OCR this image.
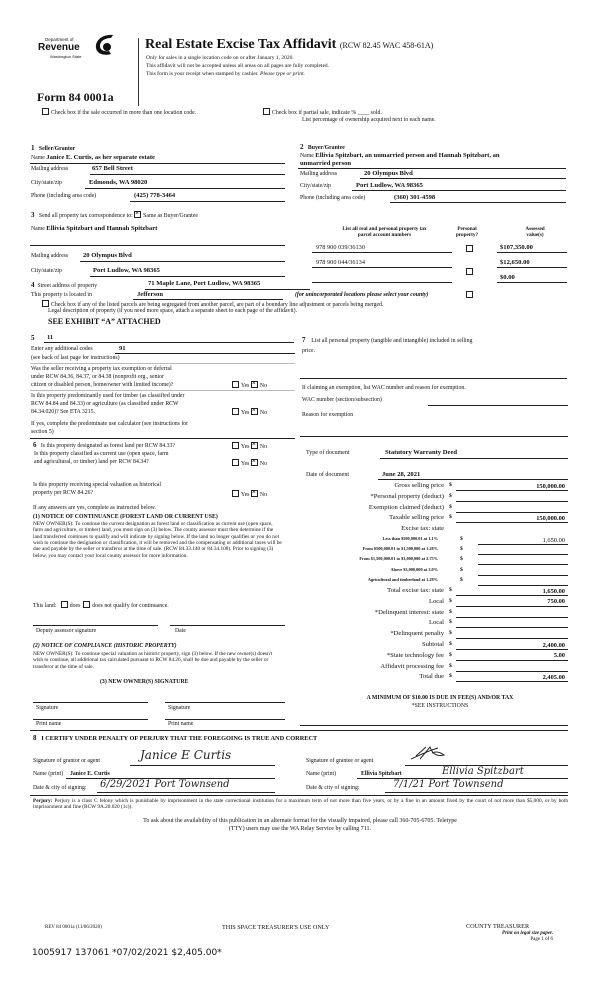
Department of
Revenue
Washington State
Real Estate Excise Tax Affidavit (RCW 82.45 WAC 458-61A)
Only for sales in a single location code on or after January 1, 2020.
This affidavit will not be accepted unless all areas on all pages are fully completed.
This form is your receipt when stamped by cashier. Please type or print.
Form 84 0001a
Check box if the sale occurred in more than one location code.	Check box if partial sale, indicate % ____ sold.
List percentage of ownership acquired next to each name.
1 Seller/Grantor
Name Janice E. Curtis, as her separate estate
Mailing address	657 Bell Street
City/state/zip	Edmonds, WA 98020
Phone (including area code)	(425) 778-3464
2 Buyer/Grantee
Name Ellivia Spitzbart, an unmarried person and Hannah Spitzbart, an
unmarried person
Mailing address	20 Olympus Blvd
City/state/zip	Port Ludlow, WA 98365
Phone (including area code)	(360) 301-4598
3 Send all property tax correspondence to: × Same as Buyer/Grantee
Name Ellivia Spitzbart and Hannah Spitzbart
Mailing address 20 Olympus Blvd
City/state/zip	Port Ludlow, WA 98365
List all real and personal property tax
parcel account numbers
Personal
property?
Assessed
value(s)
978 900 039/36130	$107,350.00
978 900 044/36134	$12,650.00
$0.00
4 Street address of property	71 Maple Lane, Port Ludlow, WA 98365
This property is located in	Jefferson	(for unincorporated locations please select your county)
Check box if any of the listed parcels are being segregated from another parcel, are part of a boundary line adjustment or parcels being merged.
Legal description of property (if you need more space, attach a separate sheet to each page of the affidavit).
SEE EXHIBIT “A” ATTACHED
5 11
Enter any additional codes	91
(see back of last page for instructions)
Was the seller receiving a property tax exemption or deferral
under RCW 84.36, 84.37, or 84.38 (nonprofit org., senior
citizen or disabled person, homeowner with limited income)?	Yes × No
Is this property predominantly used for timber (as classified under
RCW 84.84 and 84.33) or agriculture (as classified under RCW
84.34.020)? See ETA 3215.	Yes × No
If yes, complete the predominate use calculator (see instructions for
section 5)
6 Is this property designated as forest land per RCW 84.33?	Yes × No
Is this property classified as current use (open space, farm
and agricultural, or timber) land per RCW 84.34?	Yes × No
Is this property receiving special valuation as historical
property per RCW 84.26?	Yes × No
If any answers are yes, complete as instructed below.
(1) NOTICE OF CONTINUANCE (FOREST LAND OR CURRENT USE)
NEW OWNER(S): To continue the current designation as forest land or classification as current use (open space, farm and agriculture, or timber) land, you must sign on (3) below. The county assessor must then determine if the land transferred continues to qualify and will indicate by signing below. If the land no longer qualifies or you do not wish to continue the designation or classification, it will be removed and the compensating or additional taxes will be due and payable by the seller or transferor at the time of sale. (RCW 84.33.140 or 84.34.108). Prior to signing (3) below, you may contact your local county assessor for more information.
This land: does does not qualify for continuance.
Deputy assessor signature	Date
(2) NOTICE OF COMPLIANCE (HISTORIC PROPERTY)
NEW OWNER(S): To continue special valuation as historic property, sign (3) below. If the new owner(s) doesn't wish to continue, all additional tax calculated pursuant to RCW 84.26, shall be due and payable by the seller or transferor at the time of sale.
(3) NEW OWNER(S) SIGNATURE
Signature	Signature
Print name	Print name
7 List all personal property (tangible and intangible) included in selling
price.
If claiming an exemption, list WAC number and reason for exemption.
WAC number (section/subsection)
Reason for exemption
Type of document	Statutory Warranty Deed
Date of document	June 28, 2021
Gross selling price $	150,000.00
*Personal property (deduct) $
Exemption claimed (deduct) $
Taxable selling price $	150,000.00
Excise tax: state
Less than $500,000.01 at 1.1%	$	1,650.00
From $500,000.01 to $1,500,000 at 1.28%	$
From $1,500,000.01 to $3,000,000 at 2.75%	$
Above $3,000,000 at 3.0%	$
Agricultural and timberland at 1.28%	$
Total excise tax: state $	1,650.00
Local $	750.00
*Delinquent interest: state $
Local $
*Delinquent penalty $
Subtotal $	2,400.00
*State technology fee $	5.00
Affidavit processing fee $
Total due $	2,405.00
A MINIMUM OF $10.00 IS DUE IN FEE(S) AND/OR TAX
*SEE INSTRUCTIONS
8 I CERTIFY UNDER PENALTY OF PERJURY THAT THE FOREGOING IS TRUE AND CORRECT
Signature of grantor or agent	Janice E Curtis
Name (print) Janice E. Curtis
Date & city of signing: 6/29/2021 Port Townsend
Signature of grantee or agent
Name (print)	Ellivia Spitzbart	Ellivia Spitzbart
Date & city of signing:	7/1/21 Port Townsend
Perjury: Perjury is a class C felony which is punishable by imprisonment in the state correctional institution for a maximum term of not more than five years, or by a fine in an amount fixed by the court of not more than $5,000, or by both imprisonment and fine (RCW 9A.20.020 (1c)).
To ask about the availability of this publication in an alternate format for the visually impaired, please call 360-705-6705. Teletype
(TTY) users may use the WA Relay Service by calling 711.
REV 84 0001a (11/06/2020)	THIS SPACE TREASURER'S USE ONLY	COUNTY TREASURER
Print on legal size paper.
Page 1 of 6
1005917 137061 *07/02/2021 $2,405.00*
